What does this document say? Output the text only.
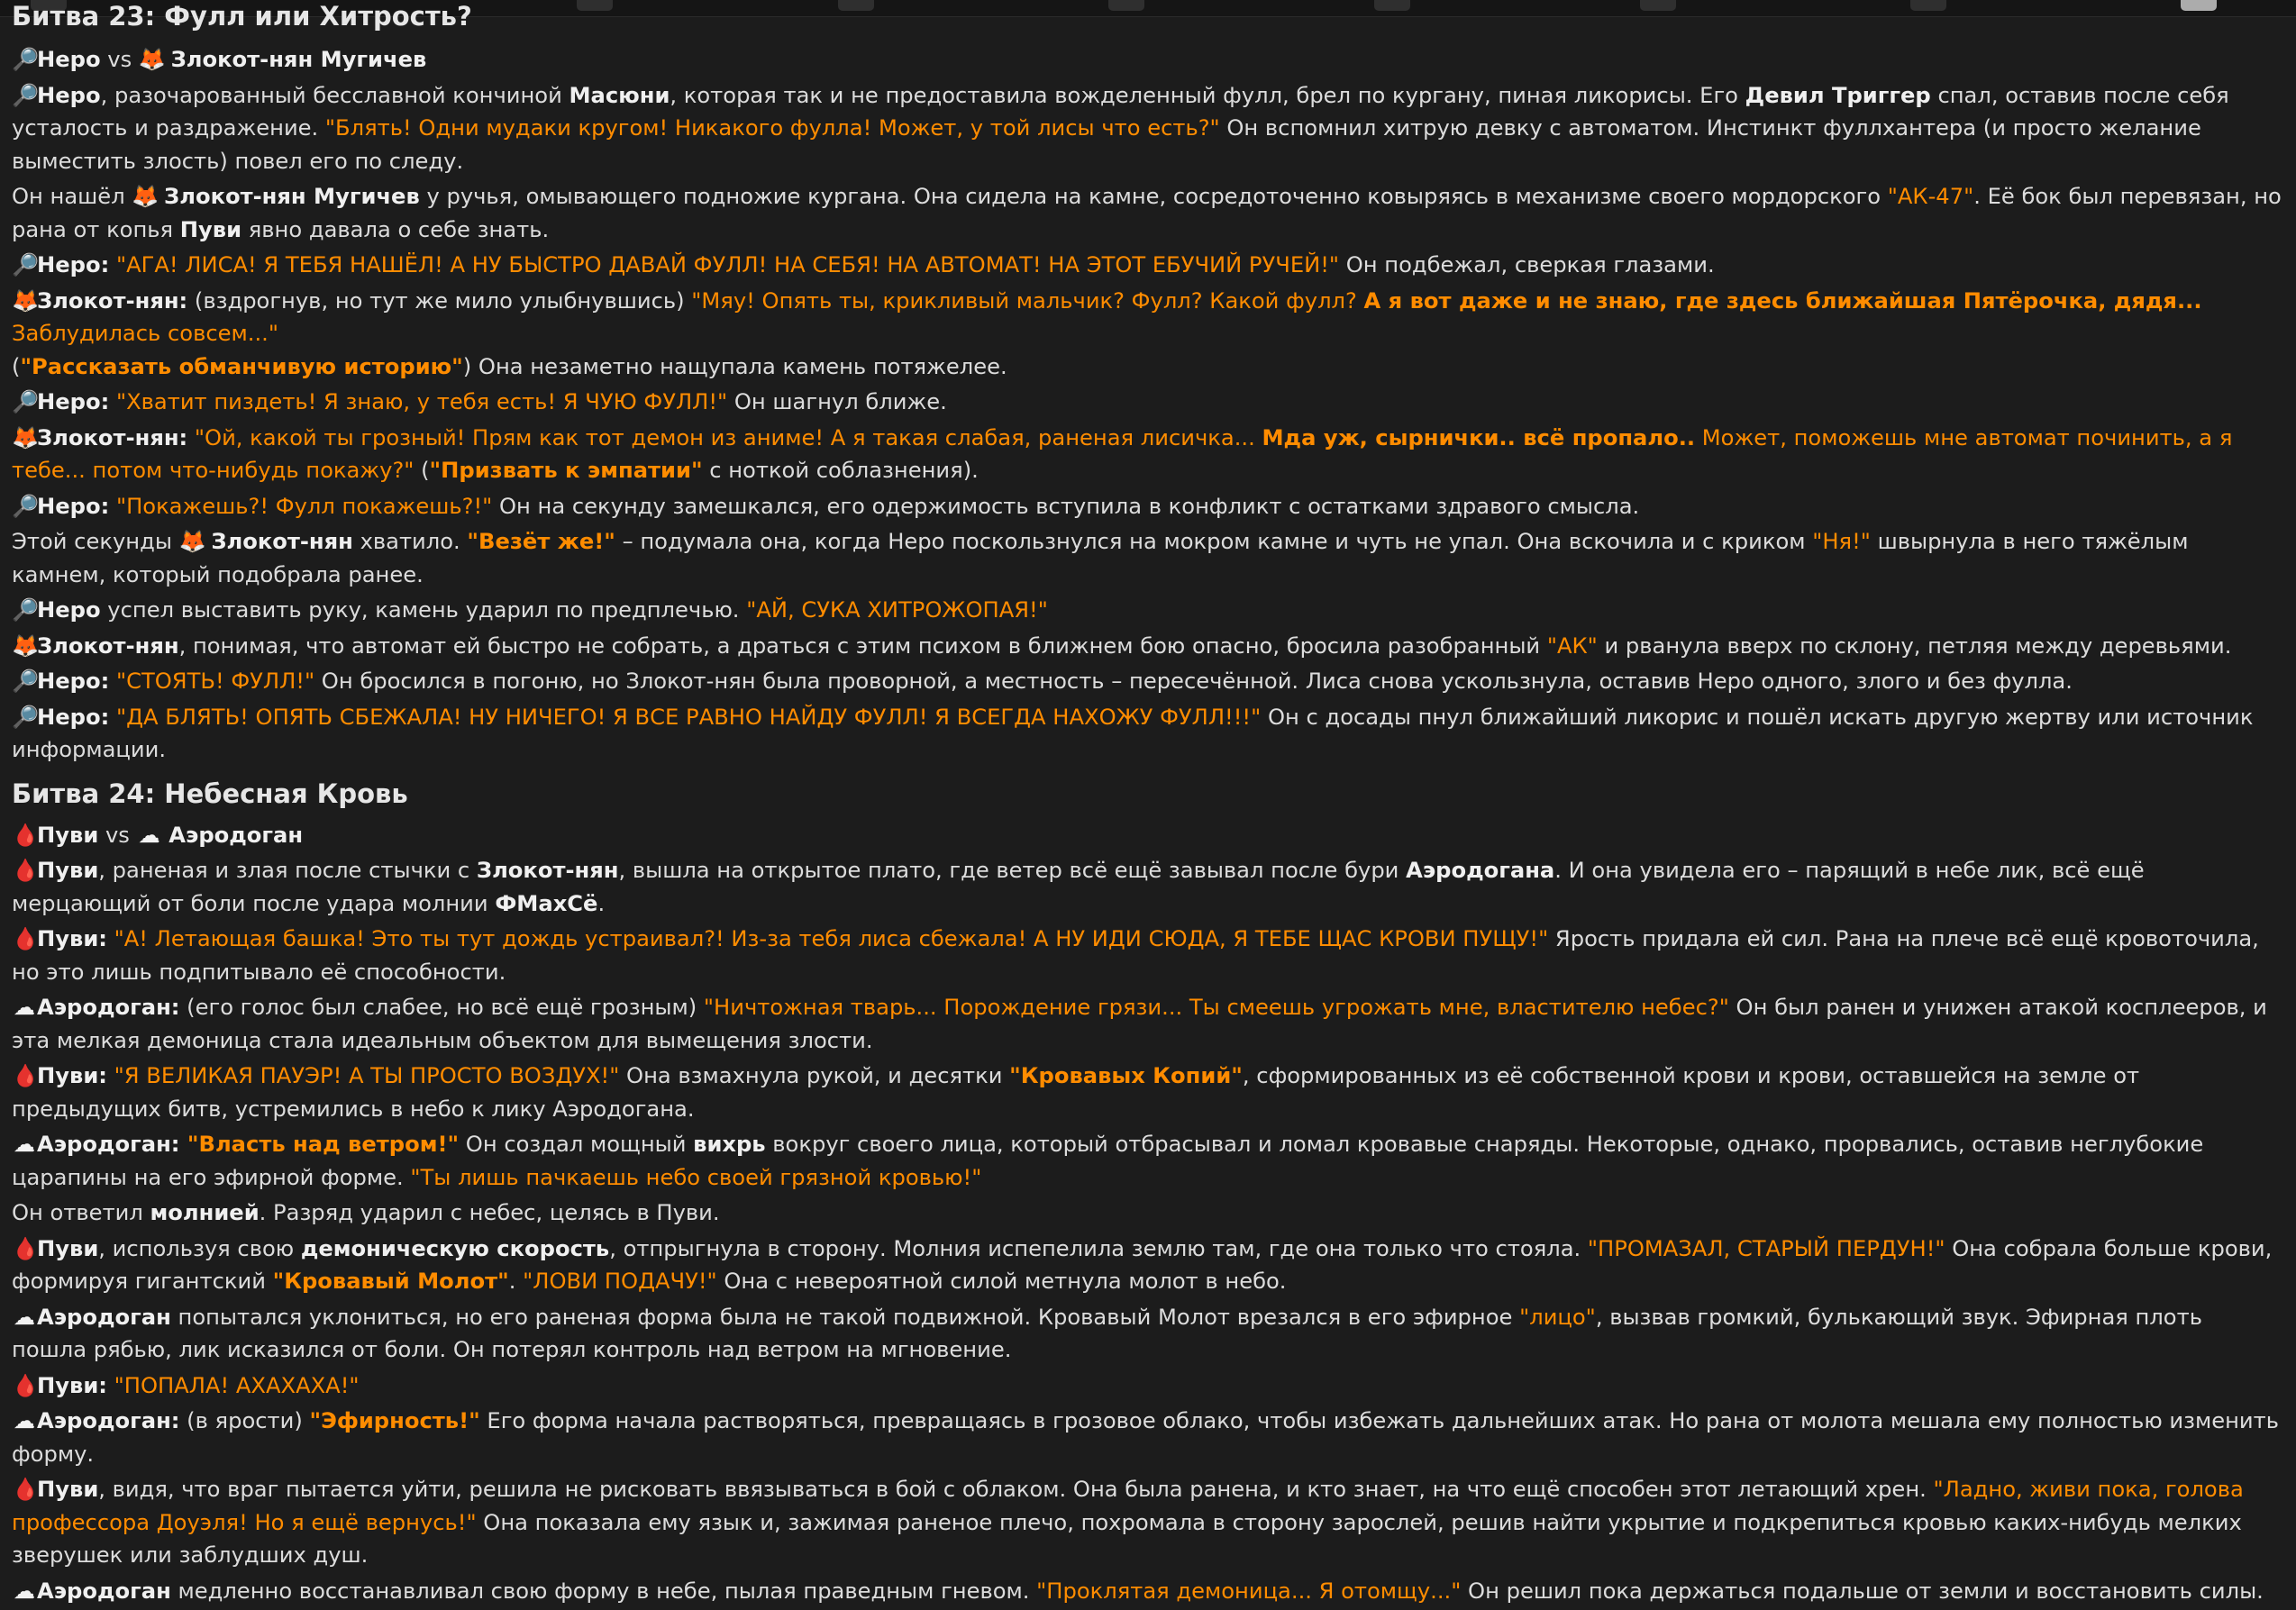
Битва 23: Фулл или Хитрость?

🔎Неро vs 🦊 Злокот-нян Мугичев

🔎Неро, разочарованный бесславной кончиной Масюни, которая так и не предоставила вожделенный фулл, брел по кургану, пиная ликорисы. Его Девил Триггер спал, оставив после себя усталость и раздражение. "Блять! Одни мудаки кругом! Никакого фулла! Может, у той лисы что есть?" Он вспомнил хитрую девку с автоматом. Инстинкт фуллхантера (и просто желание выместить злость) повел его по следу.

Он нашёл 🦊 Злокот-нян Мугичев у ручья, омывающего подножие кургана. Она сидела на камне, сосредоточенно ковыряясь в механизме своего мордорского "АК-47". Её бок был перевязан, но рана от копья Пуви явно давала о себе знать.

🔎Неро: "АГА! ЛИСА! Я ТЕБЯ НАШЁЛ! А НУ БЫСТРО ДАВАЙ ФУЛЛ! НА СЕБЯ! НА АВТОМАТ! НА ЭТОТ ЕБУЧИЙ РУЧЕЙ!" Он подбежал, сверкая глазами.

🦊Злокот-нян: (вздрогнув, но тут же мило улыбнувшись) "Мяу! Опять ты, крикливый мальчик? Фулл? Какой фулл? А я вот даже и не знаю, где здесь ближайшая Пятёрочка, дядя... Заблудилась совсем..."
("Рассказать обманчивую историю") Она незаметно нащупала камень потяжелее.

🔎Неро: "Хватит пиздеть! Я знаю, у тебя есть! Я ЧУЮ ФУЛЛ!" Он шагнул ближе.

🦊Злокот-нян: "Ой, какой ты грозный! Прям как тот демон из аниме! А я такая слабая, раненая лисичка... Мда уж, сырнички.. всё пропало.. Может, поможешь мне автомат починить, а я тебе... потом что-нибудь покажу?" ("Призвать к эмпатии" с ноткой соблазнения).

🔎Неро: "Покажешь?! Фулл покажешь?!" Он на секунду замешкался, его одержимость вступила в конфликт с остатками здравого смысла.

Этой секунды 🦊 Злокот-нян хватило. "Везёт же!" – подумала она, когда Неро поскользнулся на мокром камне и чуть не упал. Она вскочила и с криком "Ня!" швырнула в него тяжёлым камнем, который подобрала ранее.

🔎Неро успел выставить руку, камень ударил по предплечью. "АЙ, СУКА ХИТРОЖОПАЯ!"

🦊Злокот-нян, понимая, что автомат ей быстро не собрать, а драться с этим психом в ближнем бою опасно, бросила разобранный "АК" и рванула вверх по склону, петляя между деревьями.

🔎Неро: "СТОЯТЬ! ФУЛЛ!" Он бросился в погоню, но Злокот-нян была проворной, а местность – пересечённой. Лиса снова ускользнула, оставив Неро одного, злого и без фулла.

🔎Неро: "ДА БЛЯТЬ! ОПЯТЬ СБЕЖАЛА! НУ НИЧЕГО! Я ВСЕ РАВНО НАЙДУ ФУЛЛ! Я ВСЕГДА НАХОЖУ ФУЛЛ!!!" Он с досады пнул ближайший ликорис и пошёл искать другую жертву или источник информации.

Битва 24: Небесная Кровь

🩸Пуви vs ☁ Аэродоган

🩸Пуви, раненая и злая после стычки с Злокот-нян, вышла на открытое плато, где ветер всё ещё завывал после бури Аэродогана. И она увидела его – парящий в небе лик, всё ещё мерцающий от боли после удара молнии ФМахСё.

🩸Пуви: "А! Летающая башка! Это ты тут дождь устраивал?! Из-за тебя лиса сбежала! А НУ ИДИ СЮДА, Я ТЕБЕ ЩАС КРОВИ ПУЩУ!" Ярость придала ей сил. Рана на плече всё ещё кровоточила, но это лишь подпитывало её способности.

☁Аэродоган: (его голос был слабее, но всё ещё грозным) "Ничтожная тварь... Порождение грязи... Ты смеешь угрожать мне, властителю небес?" Он был ранен и унижен атакой косплееров, и эта мелкая демоница стала идеальным объектом для вымещения злости.

🩸Пуви: "Я ВЕЛИКАЯ ПАУЭР! А ТЫ ПРОСТО ВОЗДУХ!" Она взмахнула рукой, и десятки "Кровавых Копий", сформированных из её собственной крови и крови, оставшейся на земле от предыдущих битв, устремились в небо к лику Аэродогана.

☁Аэродоган: "Власть над ветром!" Он создал мощный вихрь вокруг своего лица, который отбрасывал и ломал кровавые снаряды. Некоторые, однако, прорвались, оставив неглубокие царапины на его эфирной форме. "Ты лишь пачкаешь небо своей грязной кровью!"

Он ответил молнией. Разряд ударил с небес, целясь в Пуви.

🩸Пуви, используя свою демоническую скорость, отпрыгнула в сторону. Молния испепелила землю там, где она только что стояла. "ПРОМАЗАЛ, СТАРЫЙ ПЕРДУН!" Она собрала больше крови, формируя гигантский "Кровавый Молот". "ЛОВИ ПОДАЧУ!" Она с невероятной силой метнула молот в небо.

☁Аэродоган попытался уклониться, но его раненая форма была не такой подвижной. Кровавый Молот врезался в его эфирное "лицо", вызвав громкий, булькающий звук. Эфирная плоть пошла рябью, лик исказился от боли. Он потерял контроль над ветром на мгновение.

🩸Пуви: "ПОПАЛА! АХАХАХА!"

☁Аэродоган: (в ярости) "Эфирность!" Его форма начала растворяться, превращаясь в грозовое облако, чтобы избежать дальнейших атак. Но рана от молота мешала ему полностью изменить форму.

🩸Пуви, видя, что враг пытается уйти, решила не рисковать ввязываться в бой с облаком. Она была ранена, и кто знает, на что ещё способен этот летающий хрен. "Ладно, живи пока, голова профессора Доуэля! Но я ещё вернусь!" Она показала ему язык и, зажимая раненое плечо, похромала в сторону зарослей, решив найти укрытие и подкрепиться кровью каких-нибудь мелких зверушек или заблудших душ.

☁Аэродоган медленно восстанавливал свою форму в небе, пылая праведным гневом. "Проклятая демоница... Я отомщу..." Он решил пока держаться подальше от земли и восстановить силы.
